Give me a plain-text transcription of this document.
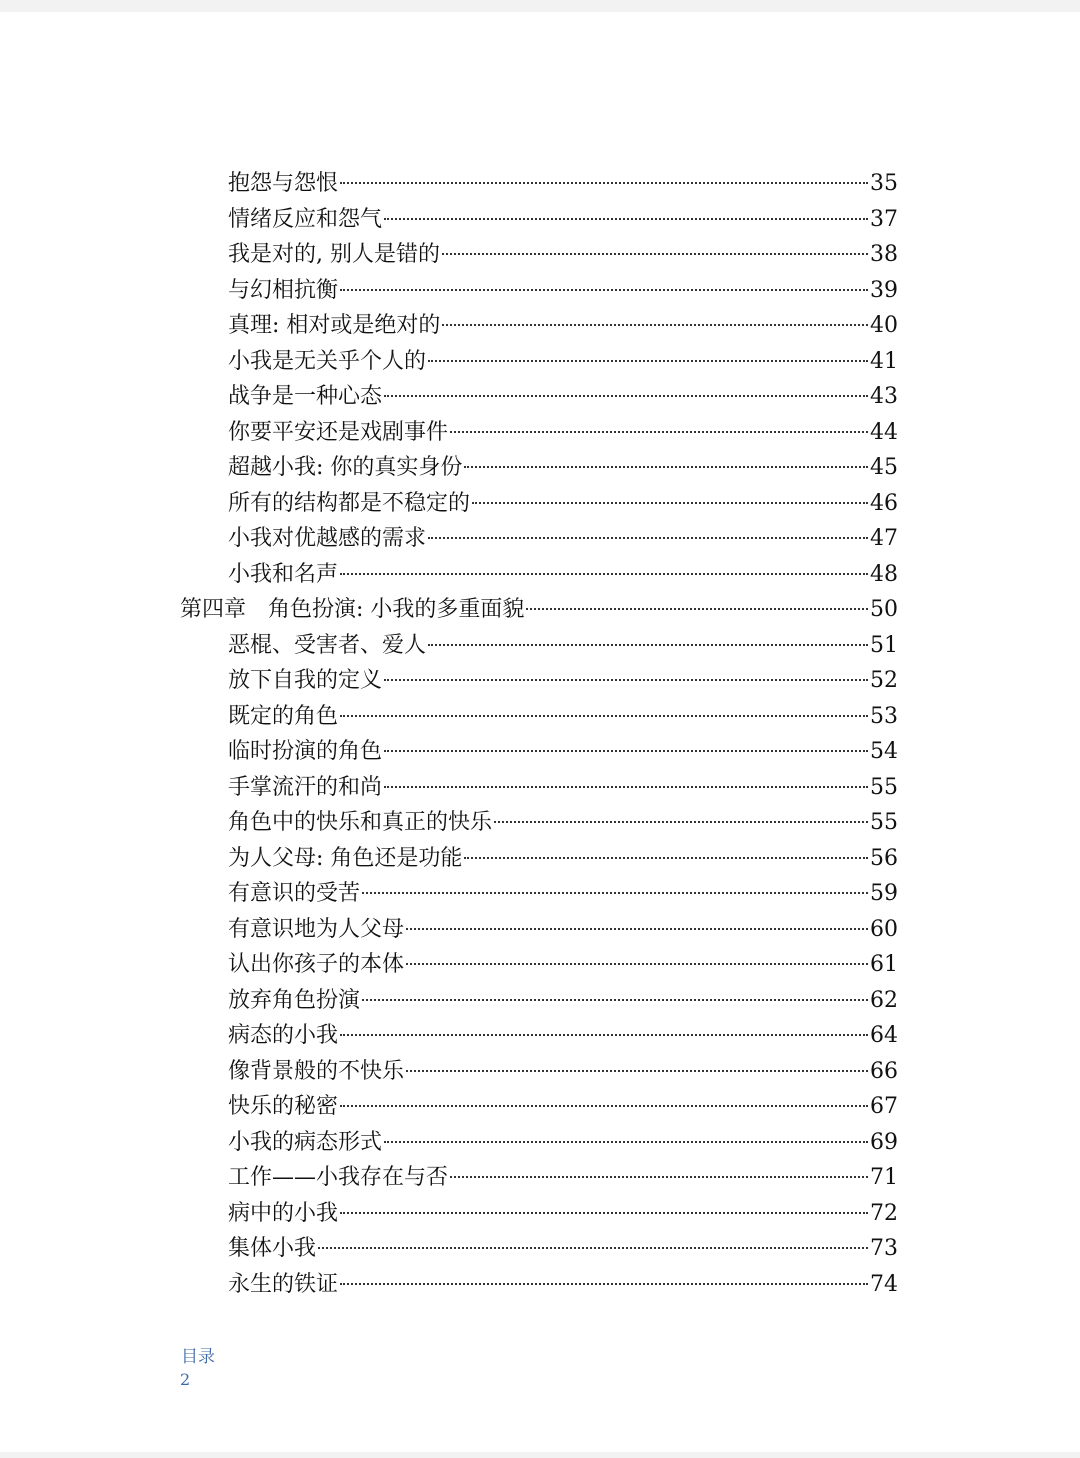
抱怨与怨恨	35
情绪反应和怨气	37
我是对的, 别人是错的	38
与幻相抗衡	39
真理: 相对或是绝对的	40
小我是无关乎个人的	41
战争是一种心态	43
你要平安还是戏剧事件	44
超越小我: 你的真实身份	45
所有的结构都是不稳定的	46
小我对优越感的需求	47
小我和名声	48
第四章　角色扮演: 小我的多重面貌	50
恶棍、受害者、爱人	51
放下自我的定义	52
既定的角色	53
临时扮演的角色	54
手掌流汗的和尚	55
角色中的快乐和真正的快乐	55
为人父母: 角色还是功能	56
有意识的受苦	59
有意识地为人父母	60
认出你孩子的本体	61
放弃角色扮演	62
病态的小我	64
像背景般的不快乐	66
快乐的秘密	67
小我的病态形式	69
工作——小我存在与否	71
病中的小我	72
集体小我	73
永生的铁证	74
目录
2
